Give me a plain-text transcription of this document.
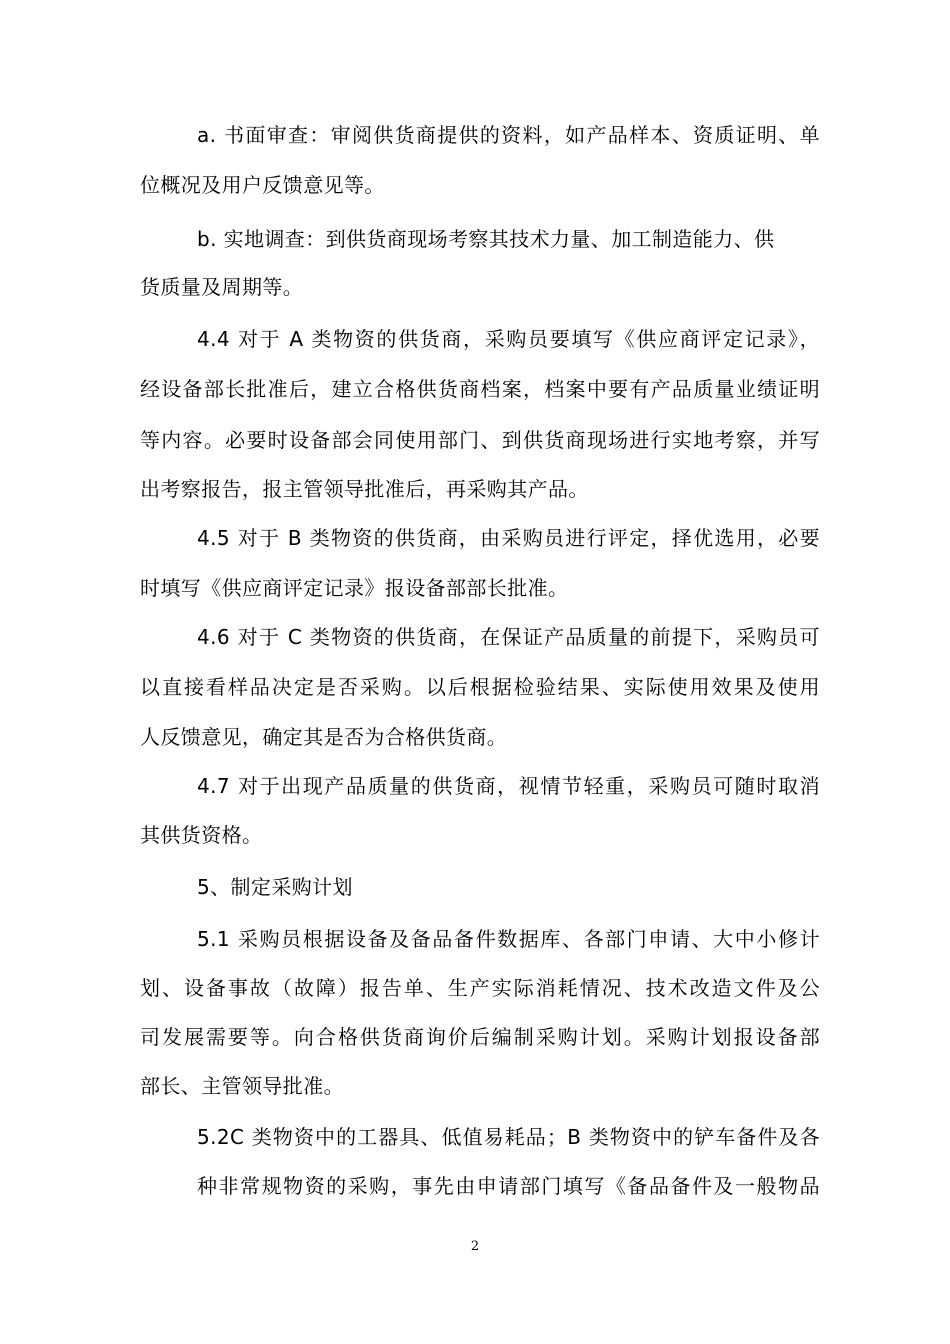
a. 书面审查：审阅供货商提供的资料，如产品样本、资质证明、单
位概况及用户反馈意见等。
b. 实地调查：到供货商现场考察其技术力量、加工制造能力、供
货质量及周期等。
4.4 对于 A 类物资的供货商，采购员要填写《供应商评定记录》，
经设备部长批准后，建立合格供货商档案，档案中要有产品质量业绩证明
等内容。必要时设备部会同使用部门、到供货商现场进行实地考察，并写
出考察报告，报主管领导批准后，再采购其产品。
4.5 对于 B 类物资的供货商，由采购员进行评定，择优选用，必要
时填写《供应商评定记录》报设备部部长批准。
4.6 对于 C 类物资的供货商，在保证产品质量的前提下，采购员可
以直接看样品决定是否采购。以后根据检验结果、实际使用效果及使用
人反馈意见，确定其是否为合格供货商。
4.7 对于出现产品质量的供货商，视情节轻重，采购员可随时取消
其供货资格。
5、制定采购计划
5.1 采购员根据设备及备品备件数据库、各部门申请、大中小修计
划、设备事故（故障）报告单、生产实际消耗情况、技术改造文件及公
司发展需要等。向合格供货商询价后编制采购计划。采购计划报设备部
部长、主管领导批准。
5.2C 类物资中的工器具、低值易耗品；B 类物资中的铲车备件及各
种非常规物资的采购，事先由申请部门填写《备品备件及一般物品
2
